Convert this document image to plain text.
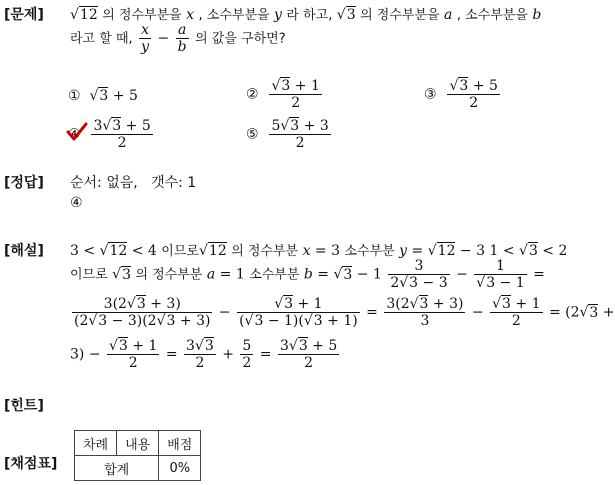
[문제]
[정답]
[해설]
[힌트]
[채점표]
√12 의 정수부분을 x , 소수부분을 y 라 하고, √3 의 정수부분을 a , 소수부분을 b
라고 할 때, $\frac{x}{y} - \frac{a}{b}$ 의 값을 구하면?
①  √3 + 5	② $\frac{√3 + 1}{2}$	③ $\frac{√3 + 5}{2}$
④ $\frac{3√3 + 5}{2}$	⑤ $\frac{5√3 + 3}{2}$
순서: 없음, 갯수: 1
④
3 < √12 < 4 이므로√12 의 정수부분 x = 3 소수부분 y = √12 − 3 1 < √3 < 2
이므로 √3 의 정수부분 a = 1 소수부분 $b = √3 - 1 \frac{3}{2√3 - 3} - \frac{1}{√3 - 1}$ =
$\frac{3(2√3 + 3)}{(2√3 - 3)(2√3 + 3)} - \frac{√3 + 1}{(√3 - 1)(√3 + 1)} = \frac{3(2√3 + 3)}{3} - \frac{√3 + 1}{2} = (2√3$ +
$3) - \frac{√3 + 1}{2} = \frac{3√3}{2} + \frac{5}{2} = \frac{3√3 + 5}{2}$
차례	내용	배점
합계		0%
